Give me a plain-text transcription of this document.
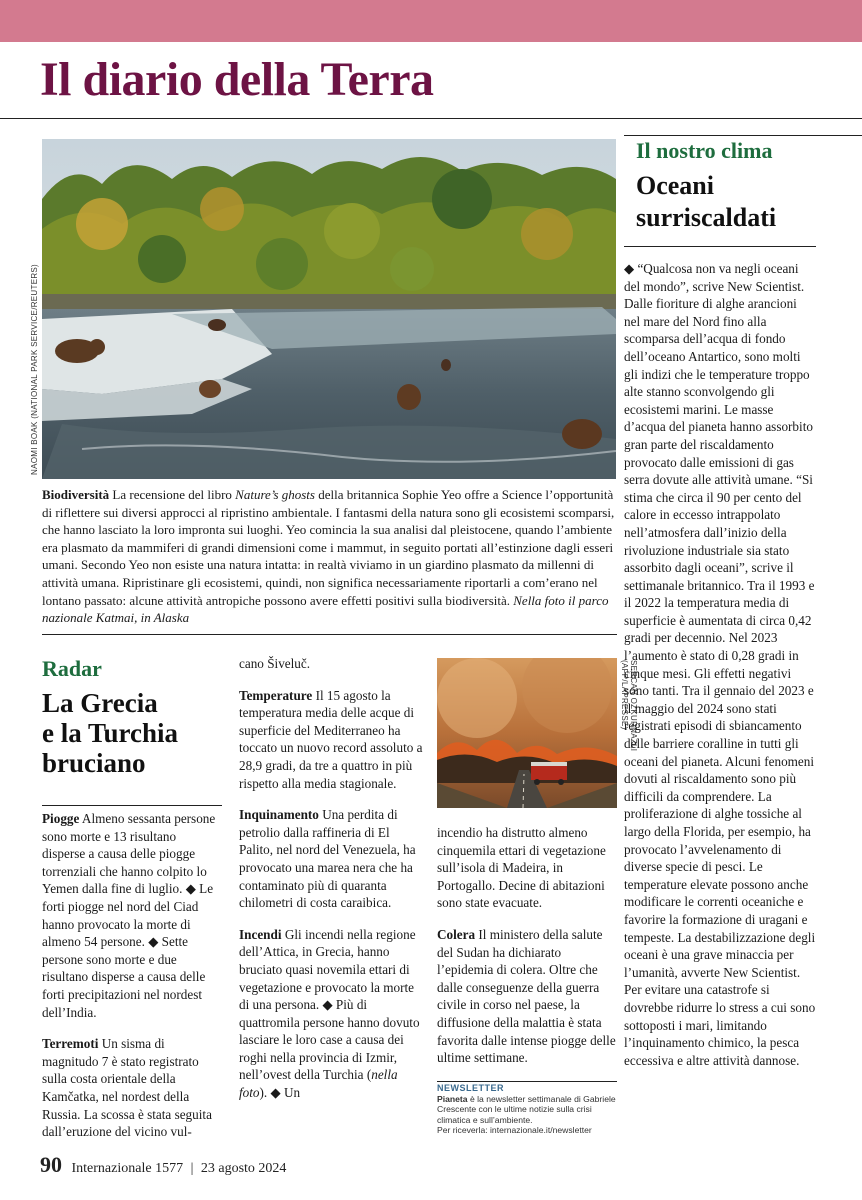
Il diario della Terra
NAOMI BOAK (NATIONAL PARK SERVICE/REUTERS)
Biodiversità La recensione del libro Nature’s ghosts della britannica Sophie Yeo offre a Science l’opportunità di riflettere sui diversi approcci al ripristino ambientale. I fantasmi della natura sono gli ecosistemi scomparsi, che hanno lasciato la loro impronta sui luoghi. Yeo comincia la sua analisi dal pleistocene, quando l’ambiente era plasmato da mammiferi di grandi dimensioni come i mammut, in seguito portati all’estinzione dagli esseri umani. Secondo Yeo non esiste una natura intatta: in realtà viviamo in un giardino plasmato da millenni di attività umana. Ripristinare gli ecosistemi, quindi, non significa necessariamente riportarli a com’erano nel lontano passato: alcune attività antropiche possono avere effetti positivi sulla biodiversità. Nella foto il parco nazionale Katmai, in Alaska
Radar
La Grecia
e la Turchia
bruciano

Piogge Almeno sessanta persone sono morte e 13 risultano disperse a causa delle piogge torrenziali che hanno colpito lo Yemen dalla fine di luglio. ◆ Le forti piogge nel nord del Ciad hanno provocato la morte di almeno 54 persone. ◆ Sette persone sono morte e due risultano disperse a causa delle forti precipitazioni nel nordest dell’India.

Terremoti Un sisma di magnitudo 7 è stato registrato sulla costa orientale della Kamčatka, nel nordest della Russia. La scossa è stata seguita dall’eruzione del vicino vul-

cano Šiveluč.

Temperature Il 15 agosto la temperatura media delle acque di superficie del Mediterraneo ha toccato un nuovo record assoluto a 28,9 gradi, da tre a quattro in più rispetto alla media stagionale.

Inquinamento Una perdita di petrolio dalla raffineria di El Palito, nel nord del Venezuela, ha provocato una marea nera che ha contaminato più di quaranta chilometri di costa caraibica.

Incendi Gli incendi nella regione dell’Attica, in Grecia, hanno bruciato quasi novemila ettari di vegetazione e provocato la morte di una persona. ◆ Più di quattromila persone hanno dovuto lasciare le loro case a causa dei roghi nella provincia di Izmir, nell’ovest della Turchia (nella foto). ◆ Un

SERCAN OZKURNAZLI (AFP/LAPRESSE)

incendio ha distrutto almeno cinquemila ettari di vegetazione sull’isola di Madeira, in Portogallo. Decine di abitazioni sono state evacuate.

Colera Il ministero della salute del Sudan ha dichiarato l’epidemia di colera. Oltre che dalle conseguenze della guerra civile in corso nel paese, la diffusione della malattia è stata favorita dalle intense piogge delle ultime settimane.

NEWSLETTER
Pianeta è la newsletter settimanale di Gabriele Crescente con le ultime notizie sulla crisi climatica e sull’ambiente.
Per riceverla: internazionale.it/newsletter
Il nostro clima
Oceani
surriscaldati

◆ “Qualcosa non va negli oceani del mondo”, scrive New Scientist. Dalle fioriture di alghe arancioni nel mare del Nord fino alla scomparsa dell’acqua di fondo dell’oceano Antartico, sono molti gli indizi che le temperature troppo alte stanno sconvolgendo gli ecosistemi marini. Le masse d’acqua del pianeta hanno assorbito gran parte del riscaldamento provocato dalle emissioni di gas serra dovute alle attività umane. “Si stima che circa il 90 per cento del calore in eccesso intrappolato nell’atmosfera dall’inizio della rivoluzione industriale sia stato assorbito dagli oceani”, scrive il settimanale britannico. Tra il 1993 e il 2022 la temperatura media di superficie è aumentata di circa 0,42 gradi per decennio. Nel 2023 l’aumento è stato di 0,28 gradi in cinque mesi. Gli effetti negativi sono tanti. Tra il gennaio del 2023 e il maggio del 2024 sono stati registrati episodi di sbiancamento delle barriere coralline in tutti gli oceani del pianeta. Alcuni fenomeni dovuti al riscaldamento sono più difficili da comprendere. La proliferazione di alghe tossiche al largo della Florida, per esempio, ha provocato l’avvelenamento di diverse specie di pesci. Le temperature elevate possono anche modificare le correnti oceaniche e favorire la formazione di uragani e tempeste. La destabilizzazione degli oceani è una grave minaccia per l’umanità, avverte New Scientist. Per evitare una catastrofe si dovrebbe ridurre lo stress a cui sono sottoposti i mari, limitando l’inquinamento chimico, la pesca eccessiva e altre attività dannose.

90 Internazionale 1577 | 23 agosto 2024
